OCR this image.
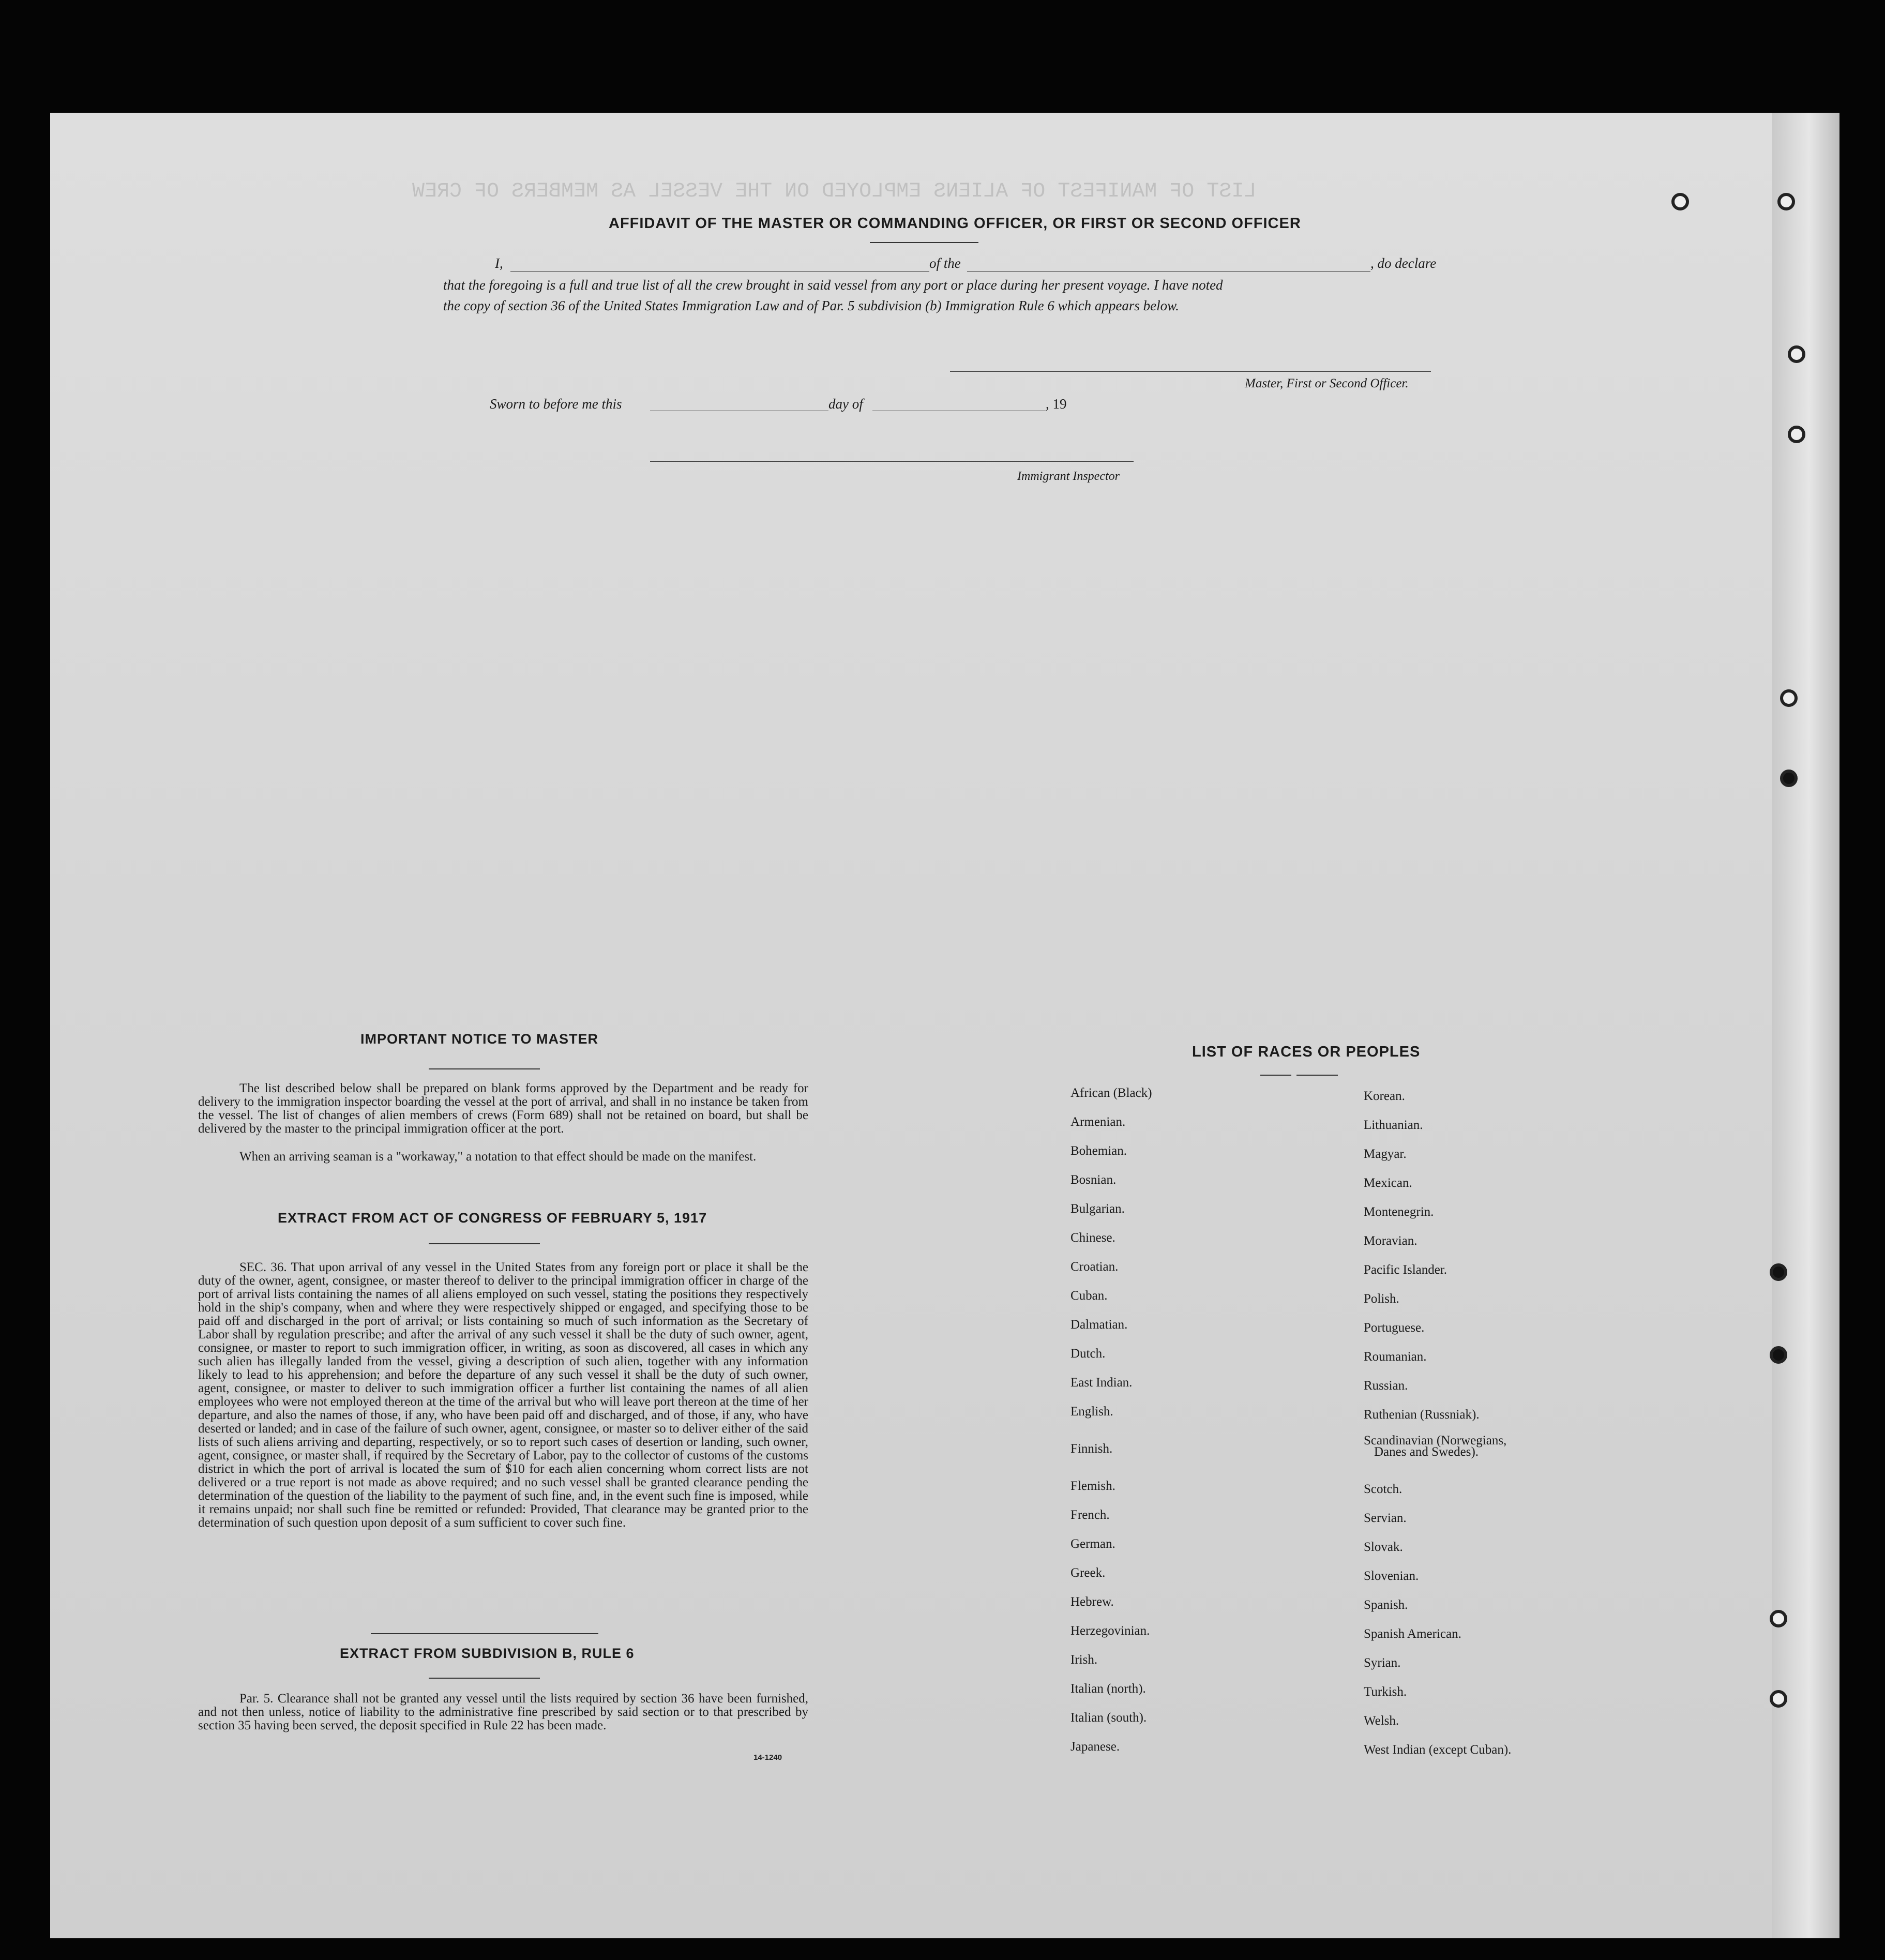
LIST OF MANIFEST OF ALIENS EMPLOYED ON THE VESSEL AS MEMBERS OF CREW
AFFIDAVIT OF THE MASTER OR COMMANDING OFFICER, OR FIRST OR SECOND OFFICER
I,	of the	, do declare
that the foregoing is a full and true list of all the crew brought in said vessel from any port or place during her present voyage. I have noted
the copy of section 36 of the United States Immigration Law and of Par. 5 subdivision (b) Immigration Rule 6 which appears below.
Master, First or Second Officer.
Sworn to before me this	day of	, 19
Immigrant Inspector
IMPORTANT NOTICE TO MASTER
The list described below shall be prepared on blank forms approved by the Department and be ready for delivery to the immigration inspector boarding the vessel at the port of arrival, and shall in no instance be taken from the vessel. The list of changes of alien members of crews (Form 689) shall not be retained on board, but shall be delivered by the master to the principal immigration officer at the port.
When an arriving seaman is a "workaway," a notation to that effect should be made on the manifest.
EXTRACT FROM ACT OF CONGRESS OF FEBRUARY 5, 1917
SEC. 36. That upon arrival of any vessel in the United States from any foreign port or place it shall be the duty of the owner, agent, consignee, or master thereof to deliver to the principal immigration officer in charge of the port of arrival lists containing the names of all aliens employed on such vessel, stating the positions they respectively hold in the ship's company, when and where they were respectively shipped or engaged, and specifying those to be paid off and discharged in the port of arrival; or lists containing so much of such information as the Secretary of Labor shall by regulation prescribe; and after the arrival of any such vessel it shall be the duty of such owner, agent, consignee, or master to report to such immigration officer, in writing, as soon as discovered, all cases in which any such alien has illegally landed from the vessel, giving a description of such alien, together with any information likely to lead to his apprehension; and before the departure of any such vessel it shall be the duty of such owner, agent, consignee, or master to deliver to such immigration officer a further list containing the names of all alien employees who were not employed thereon at the time of the arrival but who will leave port thereon at the time of her departure, and also the names of those, if any, who have been paid off and discharged, and of those, if any, who have deserted or landed; and in case of the failure of such owner, agent, consignee, or master so to deliver either of the said lists of such aliens arriving and departing, respectively, or so to report such cases of desertion or landing, such owner, agent, consignee, or master shall, if required by the Secretary of Labor, pay to the collector of customs of the customs district in which the port of arrival is located the sum of $10 for each alien concerning whom correct lists are not delivered or a true report is not made as above required; and no such vessel shall be granted clearance pending the determination of the question of the liability to the payment of such fine, and, in the event such fine is imposed, while it remains unpaid; nor shall such fine be remitted or refunded: Provided, That clearance may be granted prior to the determination of such question upon deposit of a sum sufficient to cover such fine.
EXTRACT FROM SUBDIVISION B, RULE 6
Par. 5. Clearance shall not be granted any vessel until the lists required by section 36 have been furnished, and not then unless, notice of liability to the administrative fine prescribed by said section or to that prescribed by section 35 having been served, the deposit specified in Rule 22 has been made.
14-1240
LIST OF RACES OR PEOPLES
Danes and Swedes).
African (Black)
Armenian.
Bohemian.
Bosnian.
Bulgarian.
Chinese.
Croatian.
Cuban.
Dalmatian.
Dutch.
East Indian.
English.
Finnish.
Flemish.
French.
German.
Greek.
Hebrew.
Herzegovinian.
Irish.
Italian (north).
Italian (south).
Japanese.
Korean.
Lithuanian.
Magyar.
Mexican.
Montenegrin.
Moravian.
Pacific Islander.
Polish.
Portuguese.
Roumanian.
Russian.
Ruthenian (Russniak).
Scandinavian (Norwegians,
Scotch.
Servian.
Slovak.
Slovenian.
Spanish.
Spanish American.
Syrian.
Turkish.
Welsh.
West Indian (except Cuban).
